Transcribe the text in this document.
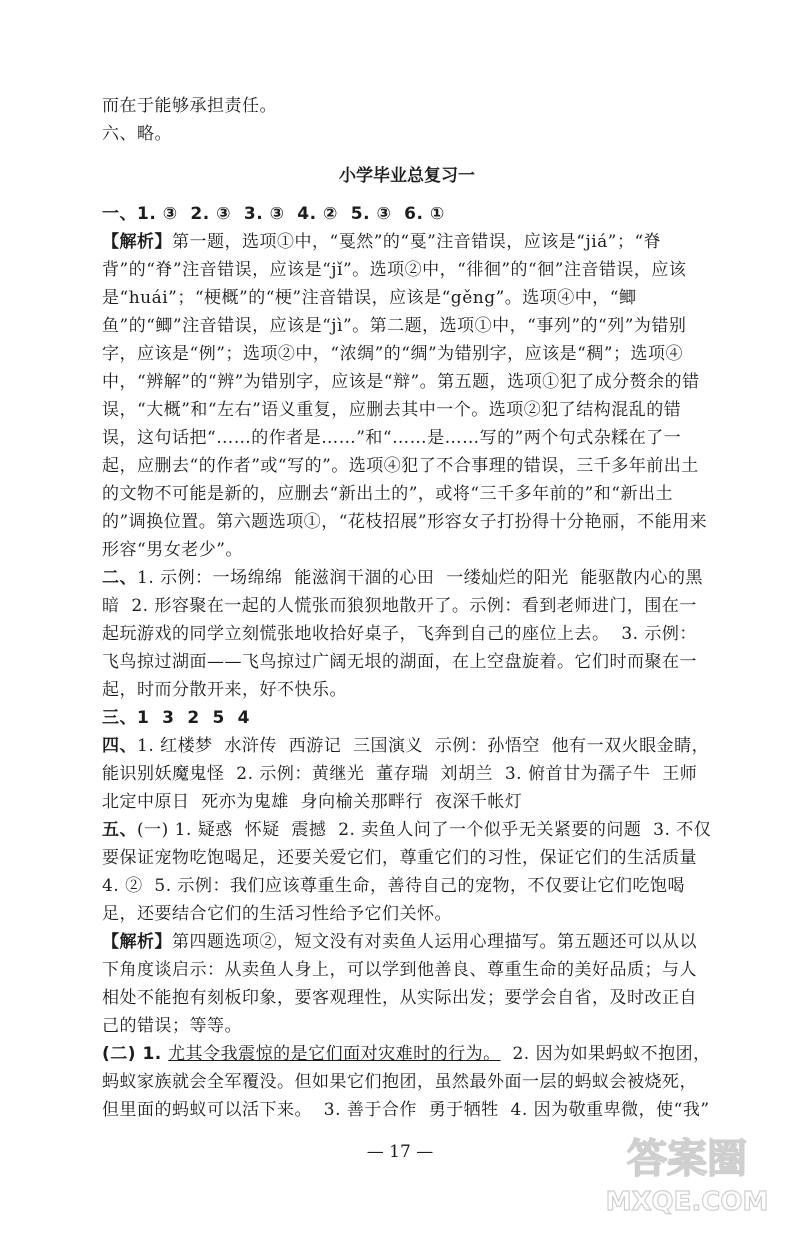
而在于能够承担责任。

六、略。

小学毕业总复习一

一、1. ③  2. ③  3. ③  4. ②  5. ③  6. ①

【解析】第一题，选项①中，“戛然”的“戛”注音错误，应该是“jiá”；“脊背”的“脊”注音错误，应该是“jǐ”。选项②中，“徘徊”的“徊”注音错误，应该是“huái”；“梗概”的“梗”注音错误，应该是“gěng”。选项④中，“鲫鱼”的“鲫”注音错误，应该是“jì”。第二题，选项①中，“事列”的“列”为错别字，应该是“例”；选项②中，“浓绸”的“绸”为错别字，应该是“稠”；选项④中，“辨解”的“辨”为错别字，应该是“辩”。第五题，选项①犯了成分赘余的错误，“大概”和“左右”语义重复，应删去其中一个。选项②犯了结构混乱的错误，这句话把“……的作者是……”和“……是……写的”两个句式杂糅在了一起，应删去“的作者”或“写的”。选项④犯了不合事理的错误，三千多年前出土的文物不可能是新的，应删去“新出土的”，或将“三千多年前的”和“新出土的”调换位置。第六题选项①，“花枝招展”形容女子打扮得十分艳丽，不能用来形容“男女老少”。

二、1. 示例：一场绵绵  能滋润干涸的心田  一缕灿烂的阳光  能驱散内心的黑暗  2. 形容聚在一起的人慌张而狼狈地散开了。示例：看到老师进门，围在一起玩游戏的同学立刻慌张地收拾好桌子，飞奔到自己的座位上去。  3. 示例：飞鸟掠过湖面——飞鸟掠过广阔无垠的湖面，在上空盘旋着。它们时而聚在一起，时而分散开来，好不快乐。

三、1  3  2  5  4

四、1. 红楼梦  水浒传  西游记  三国演义  示例：孙悟空  他有一双火眼金睛，能识别妖魔鬼怪  2. 示例：黄继光  董存瑞  刘胡兰  3. 俯首甘为孺子牛  王师北定中原日  死亦为鬼雄  身向榆关那畔行  夜深千帐灯

五、(一) 1. 疑惑  怀疑  震撼  2. 卖鱼人问了一个似乎无关紧要的问题  3. 不仅要保证宠物吃饱喝足，还要关爱它们，尊重它们的习性，保证它们的生活质量  4. ②  5. 示例：我们应该尊重生命，善待自己的宠物，不仅要让它们吃饱喝足，还要结合它们的生活习性给予它们关怀。

【解析】第四题选项②，短文没有对卖鱼人运用心理描写。第五题还可以从以下角度谈启示：从卖鱼人身上，可以学到他善良、尊重生命的美好品质；与人相处不能抱有刻板印象，要客观理性，从实际出发；要学会自省，及时改正自己的错误；等等。

(二) 1. 尤其令我震惊的是它们面对灾难时的行为。  2. 因为如果蚂蚁不抱团，蚂蚁家族就会全军覆没。但如果它们抱团，虽然最外面一层的蚂蚁会被烧死，但里面的蚂蚁可以活下来。  3. 善于合作  勇于牺牲  4. 因为敬重卑微，使“我”

— 17 —	答案圈
MXQE.COM
